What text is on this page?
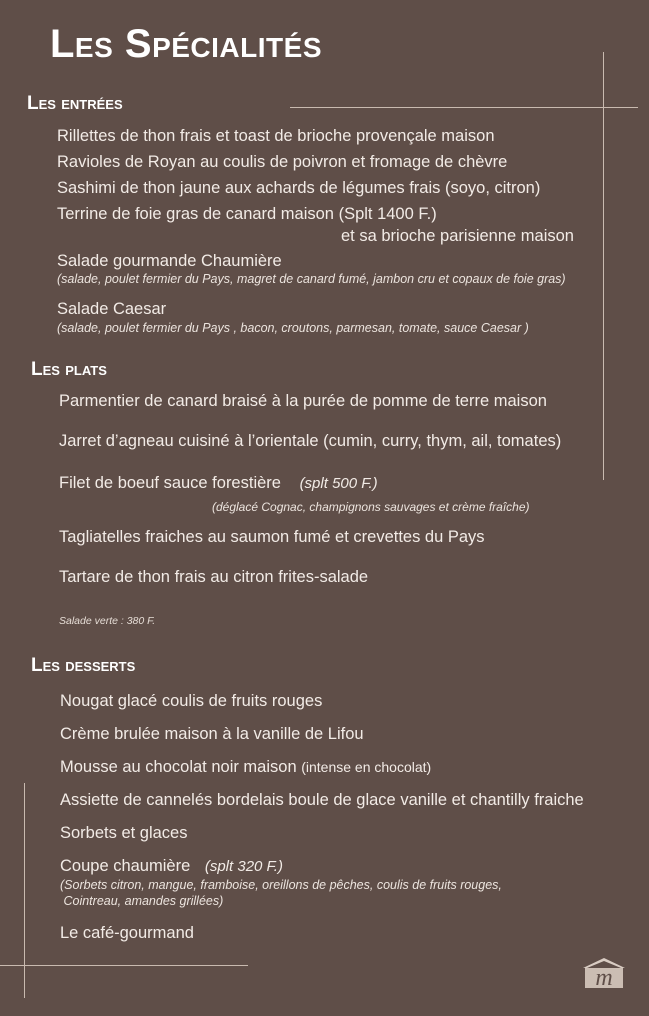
Les Spécialités
Les entrées
Rillettes de thon frais et toast de brioche provençale maison
Ravioles de Royan au coulis de poivron et fromage de chèvre
Sashimi de thon jaune aux achards de légumes frais (soyo, citron)
Terrine de foie gras de canard maison (Splt 1400 F.)
et sa brioche parisienne maison
Salade gourmande Chaumière
(salade, poulet fermier du Pays, magret de canard fumé, jambon cru et copaux de foie gras)
Salade Caesar
(salade, poulet fermier du Pays , bacon, croutons, parmesan, tomate, sauce Caesar )
Les plats
Parmentier de canard braisé à la purée de pomme de terre maison
Jarret d’agneau cuisiné à l’orientale (cumin, curry, thym, ail, tomates)
Filet de boeuf sauce forestière (splt 500 F.)
(déglacé Cognac, champignons sauvages et crème fraîche)
Tagliatelles fraiches au saumon fumé et crevettes du Pays
Tartare de thon frais au citron frites-salade
Salade verte : 380 F.
Les desserts
Nougat glacé coulis de fruits rouges
Crème brulée maison à la vanille de Lifou
Mousse au chocolat noir maison (intense en chocolat)
Assiette de cannelés bordelais boule de glace vanille et chantilly fraiche
Sorbets et glaces
Coupe chaumière (splt 320 F.)
(Sorbets citron, mangue, framboise, oreillons de pêches, coulis de fruits rouges,
Cointreau, amandes grillées)
Le café-gourmand
m
